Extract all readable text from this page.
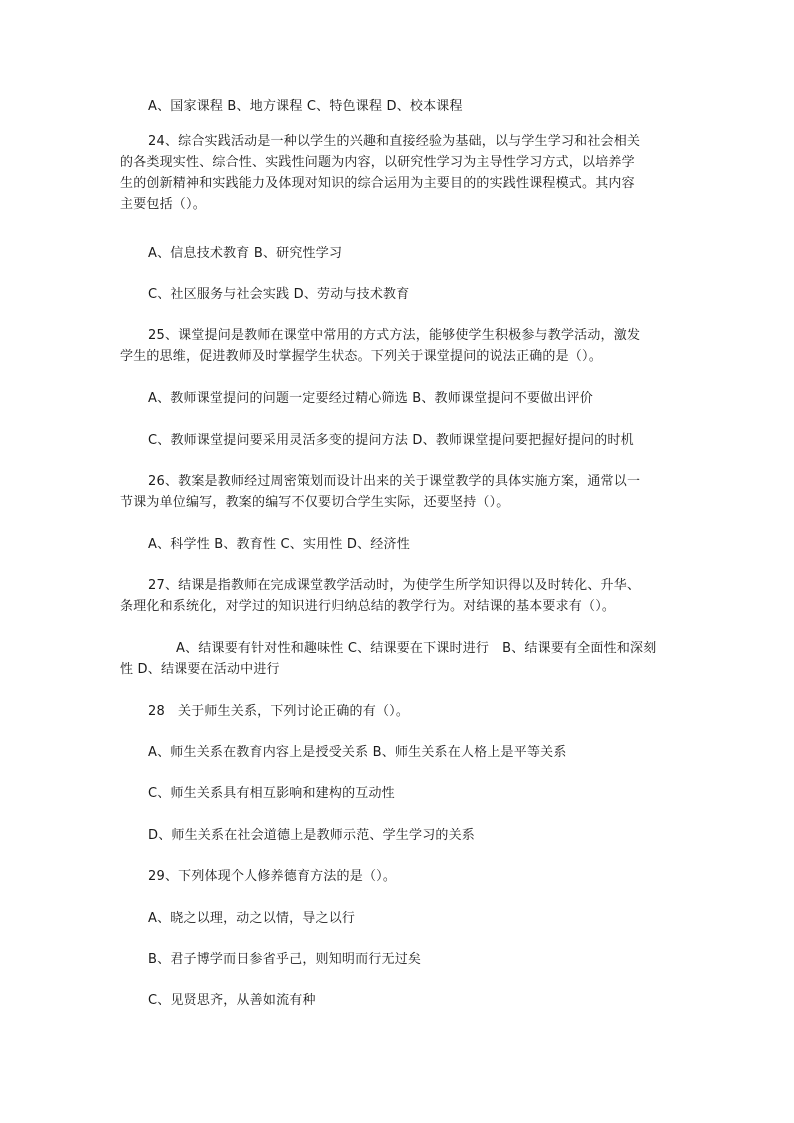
A、国家课程 B、地方课程 C、特色课程 D、校本课程
24、综合实践活动是一种以学生的兴趣和直接经验为基础，以与学生学习和社会相关
的各类现实性、综合性、实践性问题为内容，以研究性学习为主导性学习方式，以培养学
生的创新精神和实践能力及体现对知识的综合运用为主要目的的实践性课程模式。其内容
主要包括（）。
A、信息技术教育 B、研究性学习
C、社区服务与社会实践 D、劳动与技术教育
25、课堂提问是教师在课堂中常用的方式方法，能够使学生积极参与教学活动，激发
学生的思维，促进教师及时掌握学生状态。下列关于课堂提问的说法正确的是（）。
A、教师课堂提问的问题一定要经过精心筛选 B、教师课堂提问不要做出评价
C、教师课堂提问要采用灵活多变的提问方法 D、教师课堂提问要把握好提问的时机
26、教案是教师经过周密策划而设计出来的关于课堂教学的具体实施方案，通常以一
节课为单位编写，教案的编写不仅要切合学生实际，还要坚持（）。
A、科学性 B、教育性 C、实用性 D、经济性
27、结课是指教师在完成课堂教学活动时，为使学生所学知识得以及时转化、升华、
条理化和系统化，对学过的知识进行归纳总结的教学行为。对结课的基本要求有（）。
A、结课要有针对性和趣味性 C、结课要在下课时进行   B、结课要有全面性和深刻
性 D、结课要在活动中进行
28   关于师生关系，下列讨论正确的有（）。
A、师生关系在教育内容上是授受关系 B、师生关系在人格上是平等关系
C、师生关系具有相互影响和建构的互动性
D、师生关系在社会道德上是教师示范、学生学习的关系
29、下列体现个人修养德育方法的是（）。
A、晓之以理，动之以情，导之以行
B、君子博学而日参省乎己，则知明而行无过矣
C、见贤思齐，从善如流有种
